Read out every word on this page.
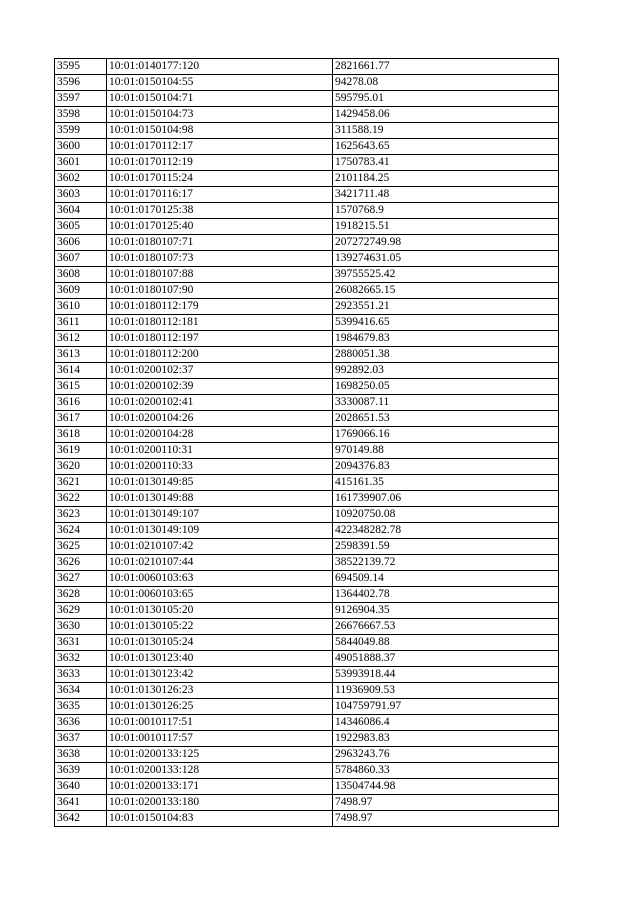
3595	10:01:0140177:120	2821661.77
3596	10:01:0150104:55	94278.08
3597	10:01:0150104:71	595795.01
3598	10:01:0150104:73	1429458.06
3599	10:01:0150104:98	311588.19
3600	10:01:0170112:17	1625643.65
3601	10:01:0170112:19	1750783.41
3602	10:01:0170115:24	2101184.25
3603	10:01:0170116:17	3421711.48
3604	10:01:0170125:38	1570768.9
3605	10:01:0170125:40	1918215.51
3606	10:01:0180107:71	207272749.98
3607	10:01:0180107:73	139274631.05
3608	10:01:0180107:88	39755525.42
3609	10:01:0180107:90	26082665.15
3610	10:01:0180112:179	2923551.21
3611	10:01:0180112:181	5399416.65
3612	10:01:0180112:197	1984679.83
3613	10:01:0180112:200	2880051.38
3614	10:01:0200102:37	992892.03
3615	10:01:0200102:39	1698250.05
3616	10:01:0200102:41	3330087.11
3617	10:01:0200104:26	2028651.53
3618	10:01:0200104:28	1769066.16
3619	10:01:0200110:31	970149.88
3620	10:01:0200110:33	2094376.83
3621	10:01:0130149:85	415161.35
3622	10:01:0130149:88	161739907.06
3623	10:01:0130149:107	10920750.08
3624	10:01:0130149:109	422348282.78
3625	10:01:0210107:42	2598391.59
3626	10:01:0210107:44	38522139.72
3627	10:01:0060103:63	694509.14
3628	10:01:0060103:65	1364402.78
3629	10:01:0130105:20	9126904.35
3630	10:01:0130105:22	26676667.53
3631	10:01:0130105:24	5844049.88
3632	10:01:0130123:40	49051888.37
3633	10:01:0130123:42	53993918.44
3634	10:01:0130126:23	11936909.53
3635	10:01:0130126:25	104759791.97
3636	10:01:0010117:51	14346086.4
3637	10:01:0010117:57	1922983.83
3638	10:01:0200133:125	2963243.76
3639	10:01:0200133:128	5784860.33
3640	10:01:0200133:171	13504744.98
3641	10:01:0200133:180	7498.97
3642	10:01:0150104:83	7498.97
